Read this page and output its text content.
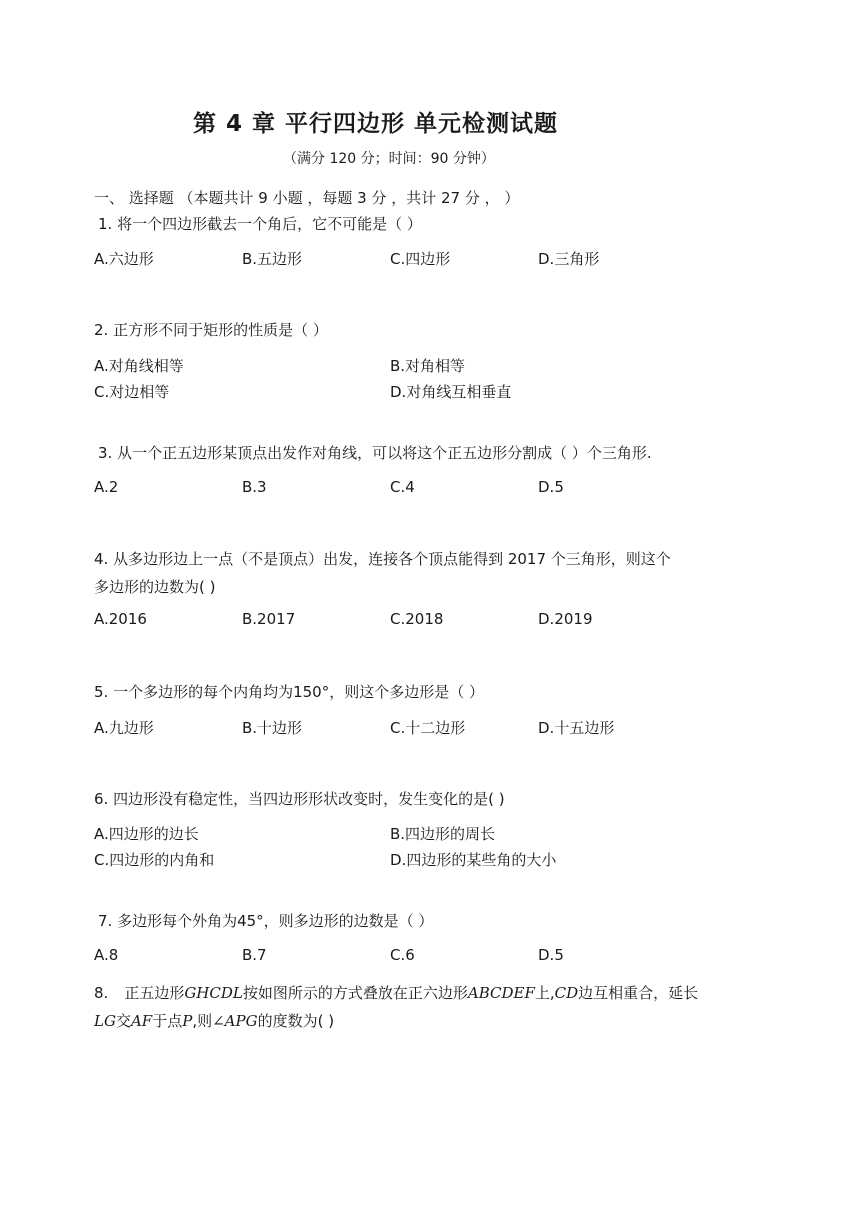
第 4 章 平行四边形 单元检测试题
（满分 120 分；时间：90 分钟）
一、 选择题 （本题共计 9 小题 ，每题 3 分 ，共计 27 分 ， ）
1. 将一个四边形截去一个角后，它不可能是（ ）
A.六边形	B.五边形	C.四边形	D.三角形
2. 正方形不同于矩形的性质是（ ）
A.对角线相等	B.对角相等
C.对边相等	D.对角线互相垂直
3. 从一个正五边形某顶点出发作对角线，可以将这个正五边形分割成（ ）个三角形.
A.2	B.3	C.4	D.5
4. 从多边形边上一点（不是顶点）出发，连接各个顶点能得到 2017 个三角形，则这个
多边形的边数为( )
A.2016	B.2017	C.2018	D.2019
5. 一个多边形的每个内角均为150°，则这个多边形是（ ）
A.九边形	B.十边形	C.十二边形	D.十五边形
6. 四边形没有稳定性，当四边形形状改变时，发生变化的是( )
A.四边形的边长	B.四边形的周长
C.四边形的内角和	D.四边形的某些角的大小
7. 多边形每个外角为45°，则多边形的边数是（ ）
A.8	B.7	C.6	D.5
8. 正五边形GHCDL按如图所示的方式叠放在正六边形ABCDEF上,CD边互相重合，延长
LG交AF于点P,则∠APG的度数为( )
